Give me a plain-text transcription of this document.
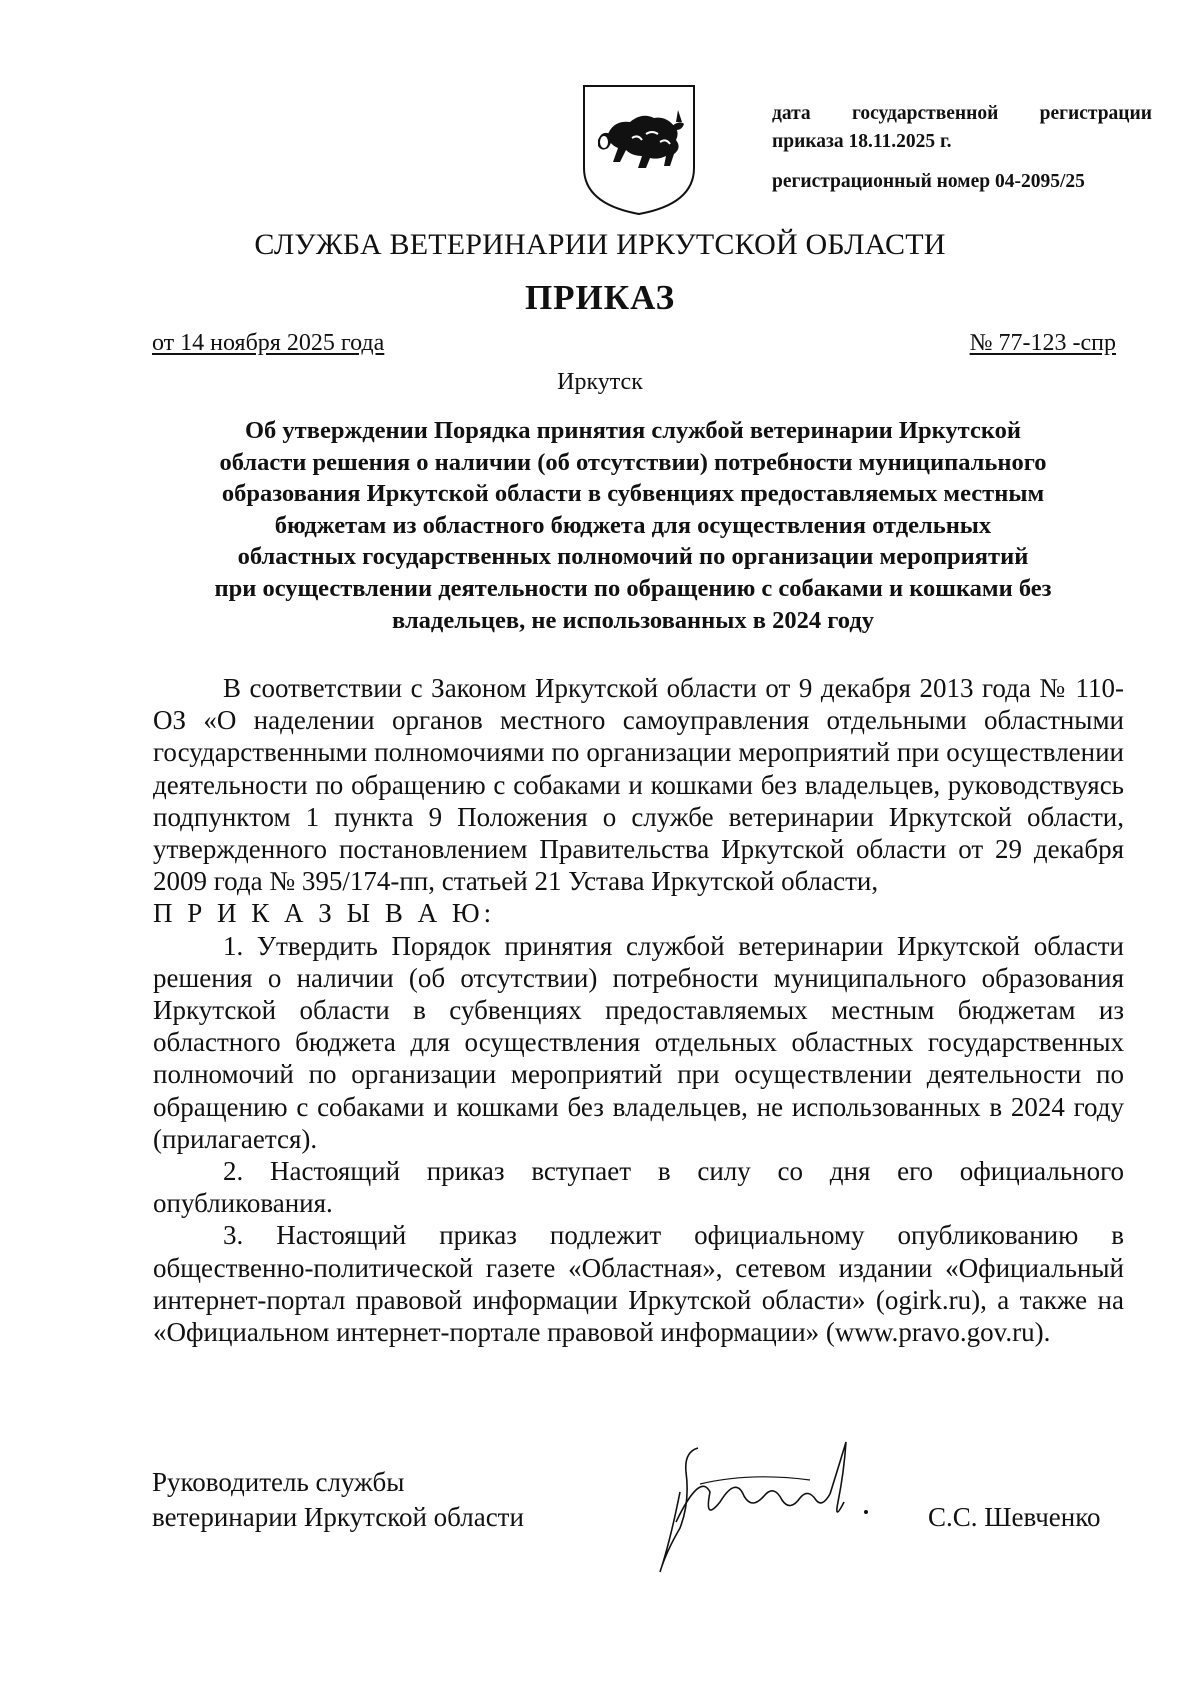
дата государственной регистрации
приказа 18.11.2025 г.
регистрационный номер 04-2095/25
СЛУЖБА ВЕТЕРИНАРИИ ИРКУТСКОЙ ОБЛАСТИ
ПРИКАЗ
от 14 ноября 2025 года	№ 77-123 -спр
Иркутск
Об утверждении Порядка принятия службой ветеринарии Иркутской
области решения о наличии (об отсутствии) потребности муниципального
образования Иркутской области в субвенциях предоставляемых местным
бюджетам из областного бюджета для осуществления отдельных
областных государственных полномочий по организации мероприятий
при осуществлении деятельности по обращению с собаками и кошками без
владельцев, не использованных в 2024 году

В соответствии с Законом Иркутской области от 9 декабря 2013 года № 110-ОЗ «О наделении органов местного самоуправления отдельными областными государственными полномочиями по организации мероприятий при осуществлении деятельности по обращению с собаками и кошками без владельцев, руководствуясь подпунктом 1 пункта 9 Положения о службе ветеринарии Иркутской области, утвержденного постановлением Правительства Иркутской области от 29 декабря 2009 года № 395/174-пп, статьей 21 Устава Иркутской области,

П Р И К А З Ы В А Ю:

1. Утвердить Порядок принятия службой ветеринарии Иркутской области решения о наличии (об отсутствии) потребности муниципального образования Иркутской области в субвенциях предоставляемых местным бюджетам из областного бюджета для осуществления отдельных областных государственных полномочий по организации мероприятий при осуществлении деятельности по обращению с собаками и кошками без владельцев, не использованных в 2024 году (прилагается).

2. Настоящий приказ вступает в силу со дня его официального опубликования.

3. Настоящий приказ подлежит официальному опубликованию в общественно-политической газете «Областная», сетевом издании «Официальный интернет-портал правовой информации Иркутской области» (ogirk.ru), а также на «Официальном интернет-портале правовой информации» (www.pravo.gov.ru).

Руководитель службы
ветеринарии Иркутской области	С.С. Шевченко
